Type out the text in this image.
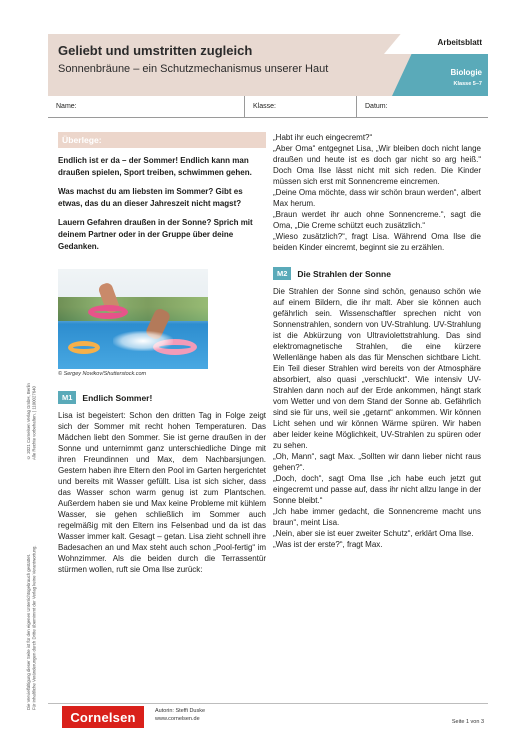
© 2021 Cornelsen Verlag GmbH, Berlin Alle Rechte vorbehalten. | 1100027640
Die Vervielfältigung dieser Seite ist für den eigenen Unterrichtsgebrauch gestattet. Für inhaltliche Veränderungen durch Dritte übernimmt der Verlag keine Verantwortung.
Geliebt und umstritten zugleich
Sonnenbräune – ein Schutzmechanismus unserer Haut
Arbeitsblatt
Biologie
Klasse 5–7
Name:	Klasse:	Datum:
Überlege:

Endlich ist er da – der Sommer! Endlich kann man draußen spielen, Sport treiben, schwimmen gehen.

Was machst du am liebsten im Sommer? Gibt es etwas, das du an dieser Jahreszeit nicht magst?

Lauern Gefahren draußen in der Sonne? Sprich mit deinem Partner oder in der Gruppe über deine Gedanken.

© Sergey Novikov/Shutterstock.com
M1	Endlich Sommer!

Lisa ist begeistert: Schon den dritten Tag in Folge zeigt sich der Sommer mit recht hohen Temperaturen. Das Mädchen liebt den Sommer. Sie ist gerne draußen in der Sonne und unternimmt ganz unterschiedliche Dinge mit ihren Freundinnen und Max, dem Nachbarsjungen. Gestern haben ihre Eltern den Pool im Garten hergerichtet und bereits mit Wasser gefüllt. Lisa ist sich sicher, dass das Wasser schon warm genug ist zum Plantschen. Außerdem haben sie und Max keine Probleme mit kühlem Wasser, sie gehen schließlich im Sommer auch regelmäßig mit den Eltern ins Felsenbad und da ist das Wasser immer kalt. Gesagt – getan. Lisa zieht schnell ihre Badesachen an und Max steht auch schon „Pool-fertig“ im Wohnzimmer. Als die beiden durch die Terrassentür stürmen wollen, ruft sie Oma Ilse zurück:

„Habt ihr euch eingecremt?“

„Aber Oma“ entgegnet Lisa, „Wir bleiben doch nicht lange draußen und heute ist es doch gar nicht so arg heiß.“ Doch Oma Ilse lässt nicht mit sich reden. Die Kinder müssen sich erst mit Sonnencreme eincremen.

„Deine Oma möchte, dass wir schön braun werden“, albert Max herum.

„Braun werdet ihr auch ohne Sonnencreme.“, sagt die Oma, „Die Creme schützt euch zusätzlich.“

„Wieso zusätzlich?“, fragt Lisa. Während Oma Ilse die beiden Kinder eincremt, beginnt sie zu erzählen.

M2	Die Strahlen der Sonne

Die Strahlen der Sonne sind schön, genauso schön wie auf einem Bildern, die ihr malt. Aber sie können auch gefährlich sein. Wissenschaftler sprechen nicht von Sonnenstrahlen, sondern von UV-Strahlung. UV-Strahlung ist die Abkürzung von Ultraviolettstrahlung. Das sind elektromagnetische Strahlen, die eine kürzere Wellenlänge haben als das für Menschen sichtbare Licht. Ein Teil dieser Strahlen wird bereits von der Atmosphäre absorbiert, also quasi „verschluckt“. Wie intensiv UV-Strahlen dann noch auf der Erde ankommen, hängt stark vom Wetter und von dem Stand der Sonne ab. Gefährlich sind sie für uns, weil sie „getarnt“ ankommen. Wir können Licht sehen und wir können Wärme spüren. Wir haben aber leider keine Möglichkeit, UV-Strahlen zu spüren oder zu sehen.

„Oh, Mann“, sagt Max. „Sollten wir dann lieber nicht raus gehen?“.

„Doch, doch“, sagt Oma Ilse „ich habe euch jetzt gut eingecremt und passe auf, dass ihr nicht allzu lange in der Sonne bleibt.“

„Ich habe immer gedacht, die Sonnencreme macht uns braun“, meint Lisa.

„Nein, aber sie ist euer zweiter Schutz“, erklärt Oma Ilse.

„Was ist der erste?“, fragt Max.

Cornelsen	Autorin: Steffi Duske
www.cornelsen.de	Seite 1 von 3
